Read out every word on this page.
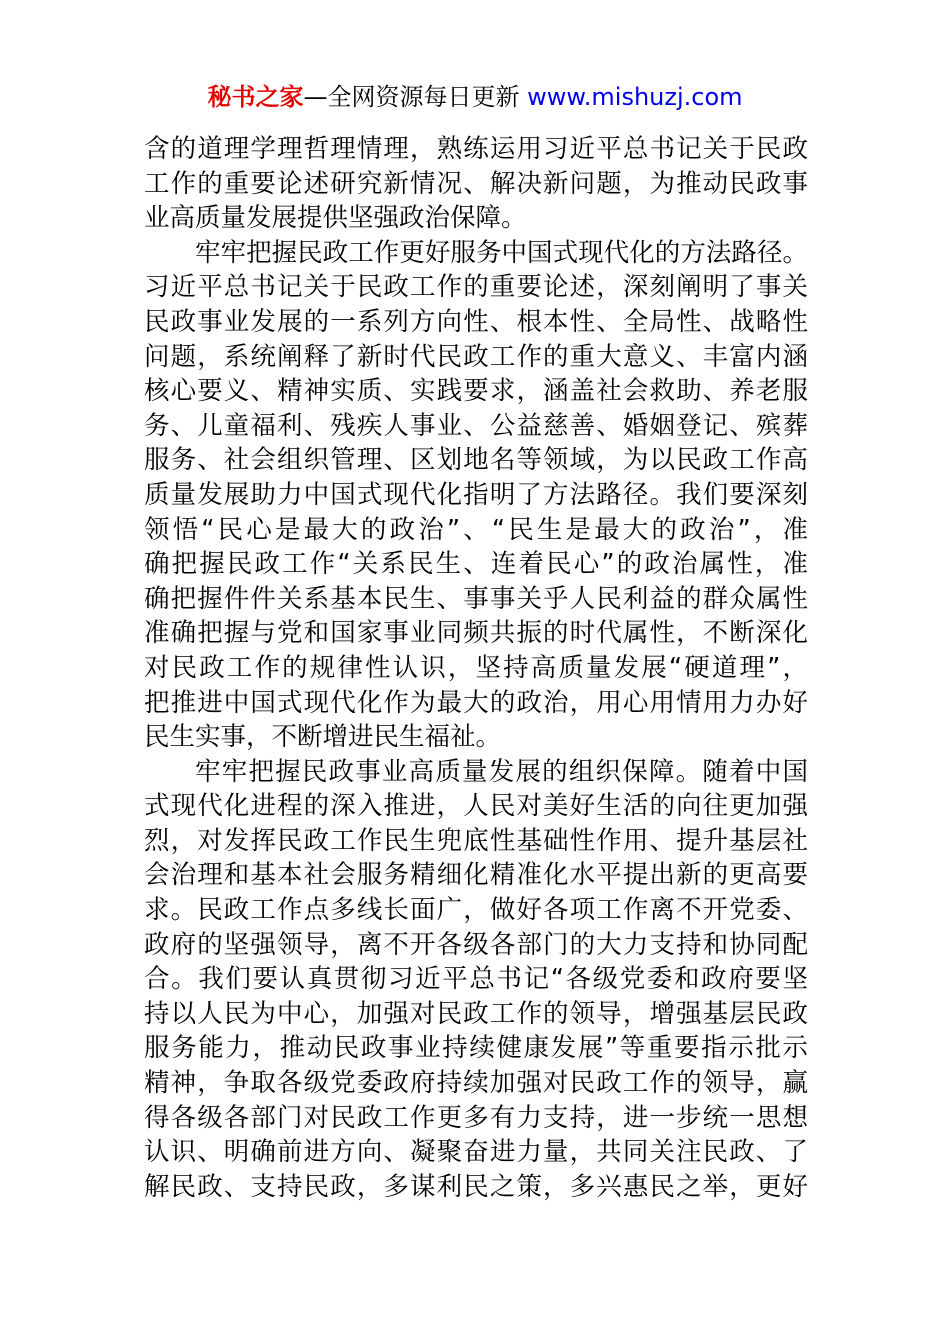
秘书之家—全网资源每日更新 www.mishuzj.com
含的道理学理哲理情理，熟练运用习近平总书记关于民政
工作的重要论述研究新情况、解决新问题，为推动民政事
业高质量发展提供坚强政治保障。
牢牢把握民政工作更好服务中国式现代化的方法路径。
习近平总书记关于民政工作的重要论述，深刻阐明了事关
民政事业发展的一系列方向性、根本性、全局性、战略性
问题，系统阐释了新时代民政工作的重大意义、丰富内涵
核心要义、精神实质、实践要求，涵盖社会救助、养老服
务、儿童福利、残疾人事业、公益慈善、婚姻登记、殡葬
服务、社会组织管理、区划地名等领域，为以民政工作高
质量发展助力中国式现代化指明了方法路径。我们要深刻
领悟“民心是最大的政治”、“民生是最大的政治”，准
确把握民政工作“关系民生、连着民心”的政治属性，准
确把握件件关系基本民生、事事关乎人民利益的群众属性
准确把握与党和国家事业同频共振的时代属性，不断深化
对民政工作的规律性认识，坚持高质量发展“硬道理”，
把推进中国式现代化作为最大的政治，用心用情用力办好
民生实事，不断增进民生福祉。
牢牢把握民政事业高质量发展的组织保障。随着中国
式现代化进程的深入推进，人民对美好生活的向往更加强
烈，对发挥民政工作民生兜底性基础性作用、提升基层社
会治理和基本社会服务精细化精准化水平提出新的更高要
求。民政工作点多线长面广，做好各项工作离不开党委、
政府的坚强领导，离不开各级各部门的大力支持和协同配
合。我们要认真贯彻习近平总书记“各级党委和政府要坚
持以人民为中心，加强对民政工作的领导，增强基层民政
服务能力，推动民政事业持续健康发展”等重要指示批示
精神，争取各级党委政府持续加强对民政工作的领导，赢
得各级各部门对民政工作更多有力支持，进一步统一思想
认识、明确前进方向、凝聚奋进力量，共同关注民政、了
解民政、支持民政，多谋利民之策，多兴惠民之举，更好
